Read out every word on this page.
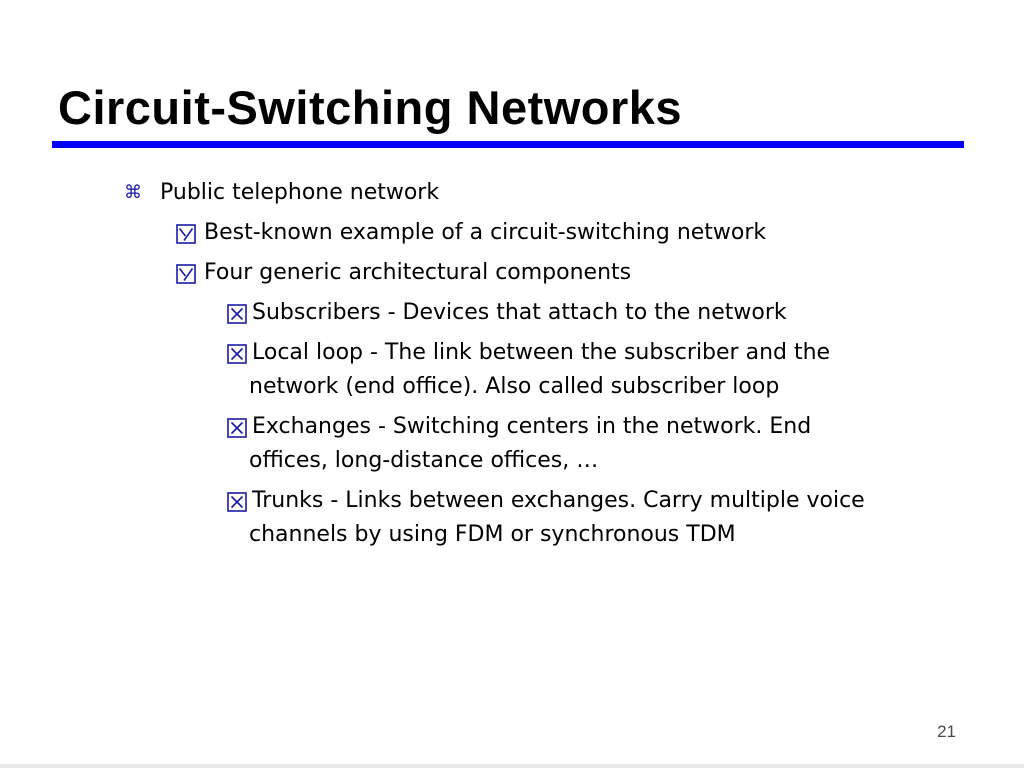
Circuit-Switching Networks
⌘ Public telephone network
Best-known example of a circuit-switching network
Four generic architectural components
Subscribers - Devices that attach to the network
Local loop - The link between the subscriber and the
network (end office). Also called subscriber loop
Exchanges - Switching centers in the network. End
offices, long-distance offices, …
Trunks - Links between exchanges. Carry multiple voice
channels by using FDM or synchronous TDM
21
